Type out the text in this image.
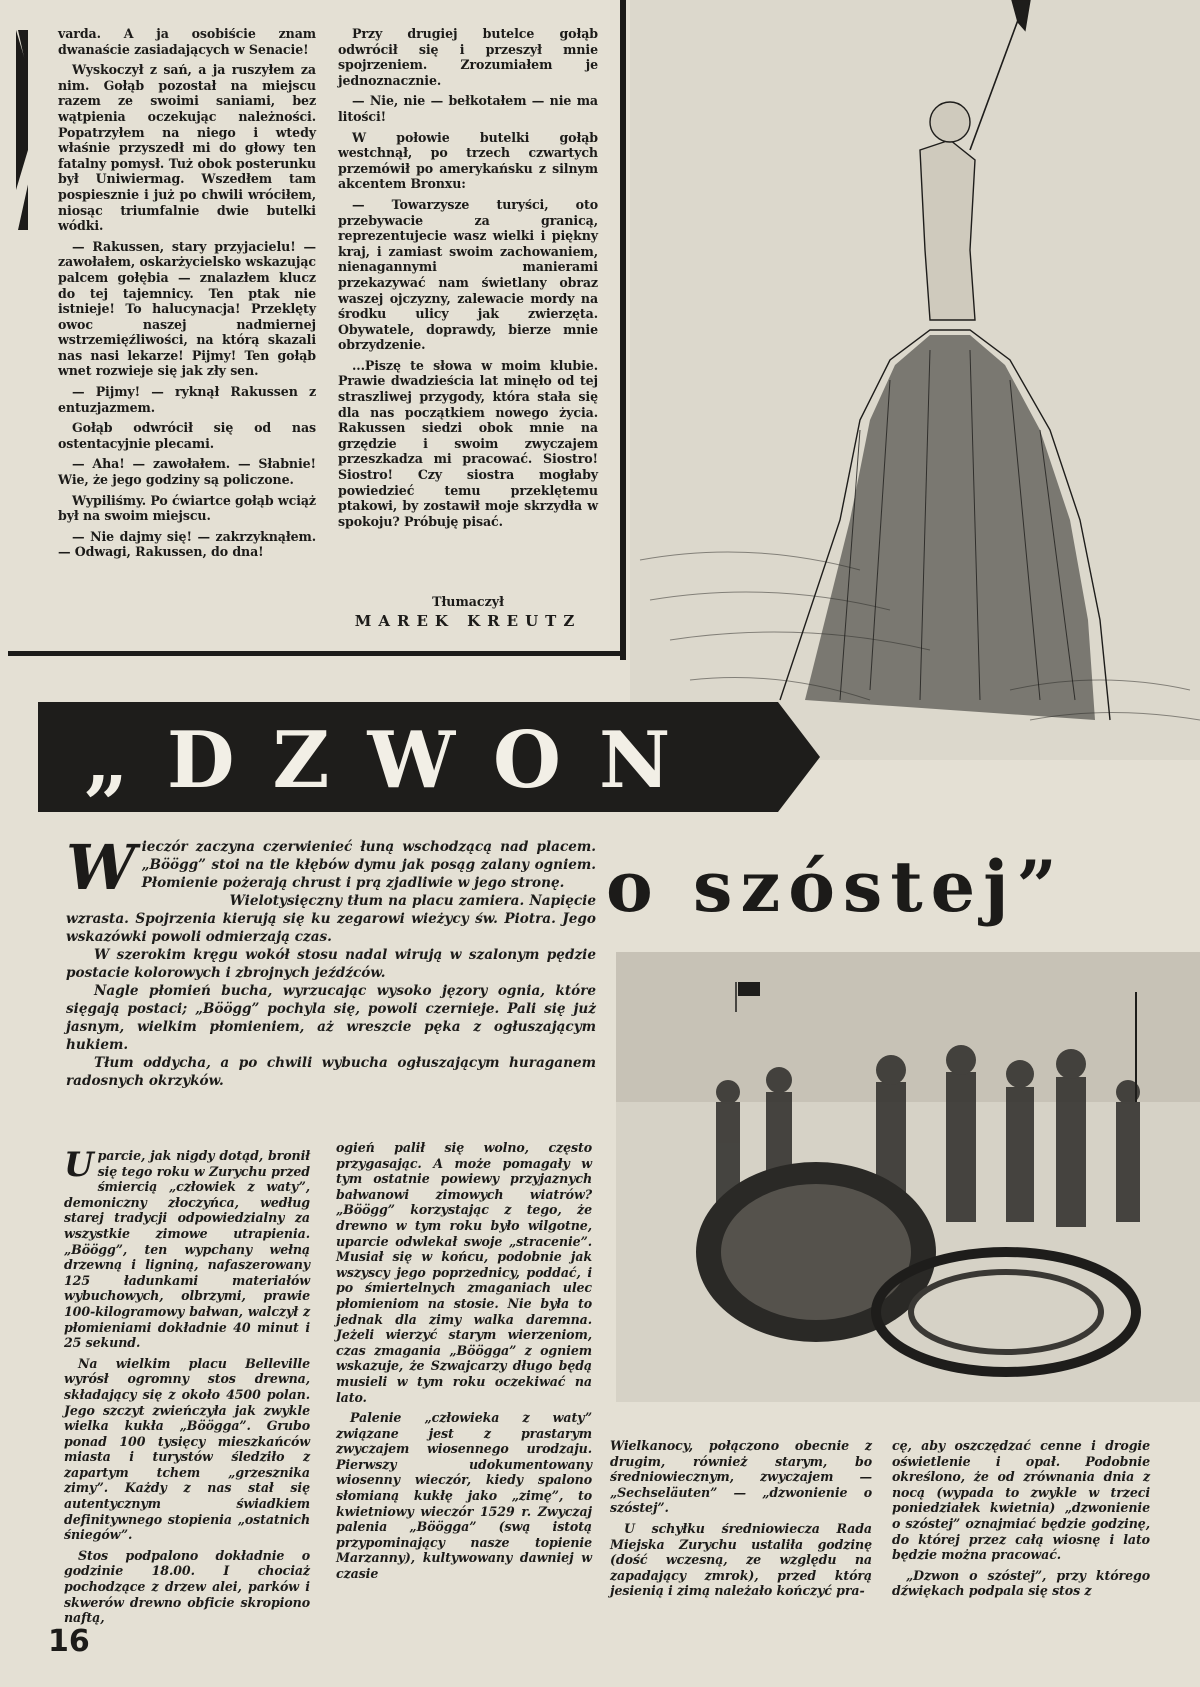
varda. A ja osobiście znam dwanaście zasiadających w Senacie!

Wyskoczył z sań, a ja ruszyłem za nim. Gołąb pozostał na miejscu razem ze swoimi saniami, bez wątpienia oczekując należności. Popatrzyłem na niego i wtedy właśnie przyszedł mi do głowy ten fatalny pomysł. Tuż obok posterunku był Uniwiermag. Wszedłem tam pospiesznie i już po chwili wróciłem, niosąc triumfalnie dwie butelki wódki.

— Rakussen, stary przyjacielu! — zawołałem, oskarżycielsko wskazując palcem gołębia — znalazłem klucz do tej tajemnicy. Ten ptak nie istnieje! To halucynacja! Przeklęty owoc naszej nadmiernej wstrzemięźliwości, na którą skazali nas nasi lekarze! Pijmy! Ten gołąb wnet rozwieje się jak zły sen.

— Pijmy! — ryknął Rakussen z entuzjazmem.

Gołąb odwrócił się od nas ostentacyjnie plecami.

— Aha! — zawołałem. — Słabnie! Wie, że jego godziny są policzone.

Wypiliśmy. Po ćwiartce gołąb wciąż był na swoim miejscu.

— Nie dajmy się! — zakrzyknąłem. — Odwagi, Rakussen, do dna!

Przy drugiej butelce gołąb odwrócił się i przeszył mnie spojrzeniem. Zrozumiałem je jednoznacznie.

— Nie, nie — bełkotałem — nie ma litości!

W połowie butelki gołąb westchnął, po trzech czwartych przemówił po amerykańsku z silnym akcentem Bronxu:

— Towarzysze turyści, oto przebywacie za granicą, reprezentujecie wasz wielki i piękny kraj, i zamiast swoim zachowaniem, nienagannymi manierami przekazywać nam świetlany obraz waszej ojczyzny, zalewacie mordy na środku ulicy jak zwierzęta. Obywatele, doprawdy, bierze mnie obrzydzenie.

...Piszę te słowa w moim klubie. Prawie dwadzieścia lat minęło od tej straszliwej przygody, która stała się dla nas początkiem nowego życia. Rakussen siedzi obok mnie na grzędzie i swoim zwyczajem przeszkadza mi pracować. Siostro! Siostro! Czy siostra mogłaby powiedzieć temu przeklętemu ptakowi, by zostawił moje skrzydła w spokoju? Próbuję pisać.

Tłumaczył
MAREK KREUTZ
„DZWON
o szóstej”
W ieczór zaczyna czerwienieć łuną wschodzącą nad placem. „Böögg” stoi na tle kłębów dymu jak posąg zalany ogniem. Płomienie pożerają chrust i prą zjadliwie w jego stronę.

Wielotysięczny tłum na placu zamiera. Napięcie wzrasta. Spojrzenia kierują się ku zegarowi wieżycy św. Piotra. Jego wskazówki powoli odmierzają czas.

W szerokim kręgu wokół stosu nadal wirują w szalonym pędzie postacie kolorowych i zbrojnych jeźdźców.

Nagle płomień bucha, wyrzucając wysoko jęzory ognia, które sięgają postaci; „Böögg” pochyla się, powoli czernieje. Pali się już jasnym, wielkim płomieniem, aż wreszcie pęka z ogłuszającym hukiem.

Tłum oddycha, a po chwili wybucha ogłuszającym huraganem radosnych okrzyków.

U parcie, jak nigdy dotąd, bronił się tego roku w Zurychu przed śmiercią „człowiek z waty”, demoniczny złoczyńca, według starej tradycji odpowiedzialny za wszystkie zimowe utrapienia. „Böögg”, ten wypchany wełną drzewną i ligniną, nafaszerowany 125 ładunkami materiałów wybuchowych, olbrzymi, prawie 100-kilogramowy bałwan, walczył z płomieniami dokładnie 40 minut i 25 sekund.

Na wielkim placu Belleville wyrósł ogromny stos drewna, składający się z około 4500 polan. Jego szczyt zwieńczyła jak zwykle wielka kukła „Böögga”. Grubo ponad 100 tysięcy mieszkańców miasta i turystów śledziło z zapartym tchem „grzesznika zimy”. Każdy z nas stał się autentycznym świadkiem definitywnego stopienia „ostatnich śniegów”.

Stos podpalono dokładnie o godzinie 18.00. I chociaż pochodzące z drzew alei, parków i skwerów drewno obficie skropiono naftą,

ogień palił się wolno, często przygasając. A może pomagały w tym ostatnie powiewy przyjaznych bałwanowi zimowych wiatrów? „Böögg” korzystając z tego, że drewno w tym roku było wilgotne, uparcie odwlekał swoje „stracenie”. Musiał się w końcu, podobnie jak wszyscy jego poprzednicy, poddać, i po śmiertelnych zmaganiach ulec płomieniom na stosie. Nie była to jednak dla zimy walka daremna. Jeżeli wierzyć starym wierzeniom, czas zmagania „Böögga” z ogniem wskazuje, że Szwajcarzy długo będą musieli w tym roku oczekiwać na lato.

Palenie „człowieka z waty” związane jest z prastarym zwyczajem wiosennego urodzaju. Pierwszy udokumentowany wiosenny wieczór, kiedy spalono słomianą kukłę jako „zimę”, to kwietniowy wieczór 1529 r. Zwyczaj palenia „Böögga” (swą istotą przypominający nasze topienie Marzanny), kultywowany dawniej w czasie

Wielkanocy, połączono obecnie z drugim, również starym, bo średniowiecznym, zwyczajem — „Sechseläuten” — „dzwonienie o szóstej”.

U schyłku średniowiecza Rada Miejska Zurychu ustaliła godzinę (dość wczesną, ze względu na zapadający zmrok), przed którą jesienią i zimą należało kończyć pra-

cę, aby oszczędzać cenne i drogie oświetlenie i opał. Podobnie określono, że od zrównania dnia z nocą (wypada to zwykle w trzeci poniedziałek kwietnia) „dzwonienie o szóstej” oznajmiać będzie godzinę, do której przez całą wiosnę i lato będzie można pracować.

„Dzwon o szóstej”, przy którego dźwiękach podpala się stos z

16
